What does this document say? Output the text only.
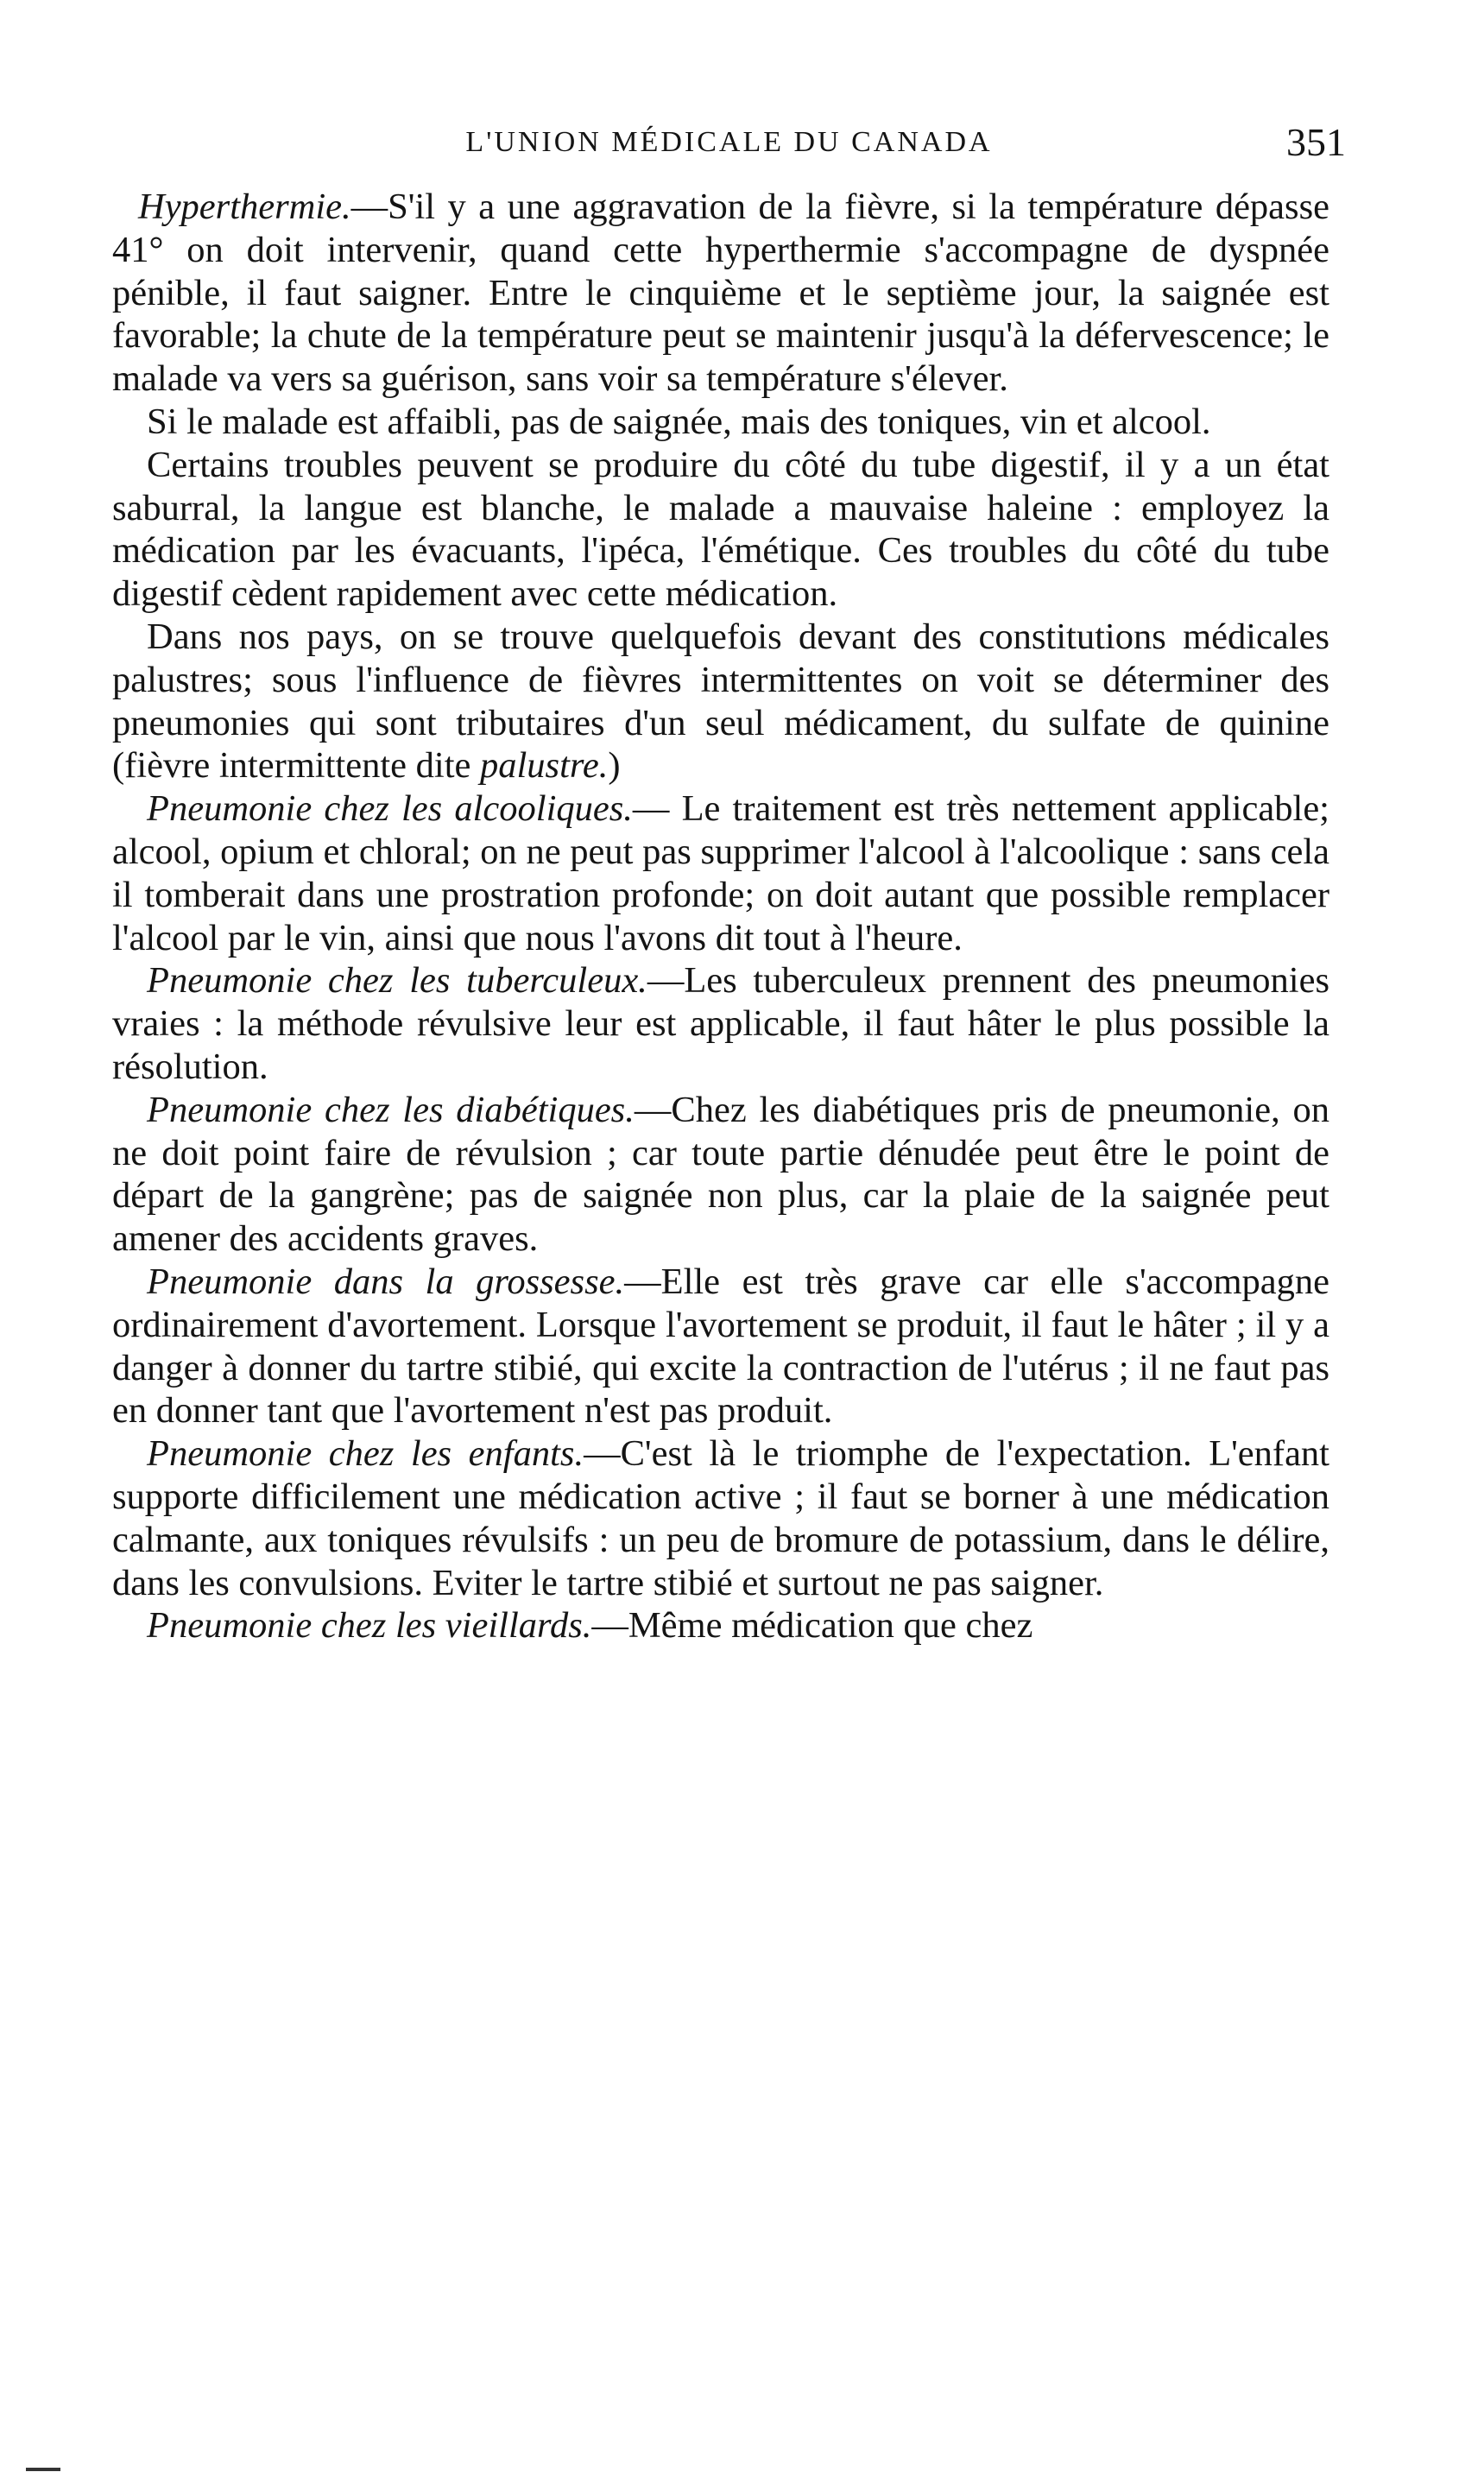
L'UNION MÉDICALE DU CANADA	351

Hyperthermie.—S'il y a une aggravation de la fièvre, si la température dépasse 41° on doit intervenir, quand cette hyperthermie s'accompagne de dyspnée pénible, il faut saigner. Entre le cinquième et le septième jour, la saignée est favorable; la chute de la température peut se maintenir jusqu'à la défervescence; le malade va vers sa guérison, sans voir sa température s'élever.

Si le malade est affaibli, pas de saignée, mais des toniques, vin et alcool.

Certains troubles peuvent se produire du côté du tube digestif, il y a un état saburral, la langue est blanche, le malade a mauvaise haleine : employez la médication par les évacuants, l'ipéca, l'émétique. Ces troubles du côté du tube digestif cèdent rapidement avec cette médication.

Dans nos pays, on se trouve quelquefois devant des constitutions médicales palustres; sous l'influence de fièvres intermittentes on voit se déterminer des pneumonies qui sont tributaires d'un seul médicament, du sulfate de quinine (fièvre intermittente dite palustre.)

Pneumonie chez les alcooliques.— Le traitement est très nettement applicable; alcool, opium et chloral; on ne peut pas supprimer l'alcool à l'alcoolique : sans cela il tomberait dans une prostration profonde; on doit autant que possible remplacer l'alcool par le vin, ainsi que nous l'avons dit tout à l'heure.

Pneumonie chez les tuberculeux.—Les tuberculeux prennent des pneumonies vraies : la méthode révulsive leur est applicable, il faut hâter le plus possible la résolution.

Pneumonie chez les diabétiques.—Chez les diabétiques pris de pneumonie, on ne doit point faire de révulsion ; car toute partie dénudée peut être le point de départ de la gangrène; pas de saignée non plus, car la plaie de la saignée peut amener des accidents graves.

Pneumonie dans la grossesse.—Elle est très grave car elle s'accompagne ordinairement d'avortement. Lorsque l'avortement se produit, il faut le hâter ; il y a danger à donner du tartre stibié, qui excite la contraction de l'utérus ; il ne faut pas en donner tant que l'avortement n'est pas produit.

Pneumonie chez les enfants.—C'est là le triomphe de l'expectation. L'enfant supporte difficilement une médication active ; il faut se borner à une médication calmante, aux toniques révulsifs : un peu de bromure de potassium, dans le délire, dans les convulsions. Eviter le tartre stibié et surtout ne pas saigner.

Pneumonie chez les vieillards.—Même médication que chez
